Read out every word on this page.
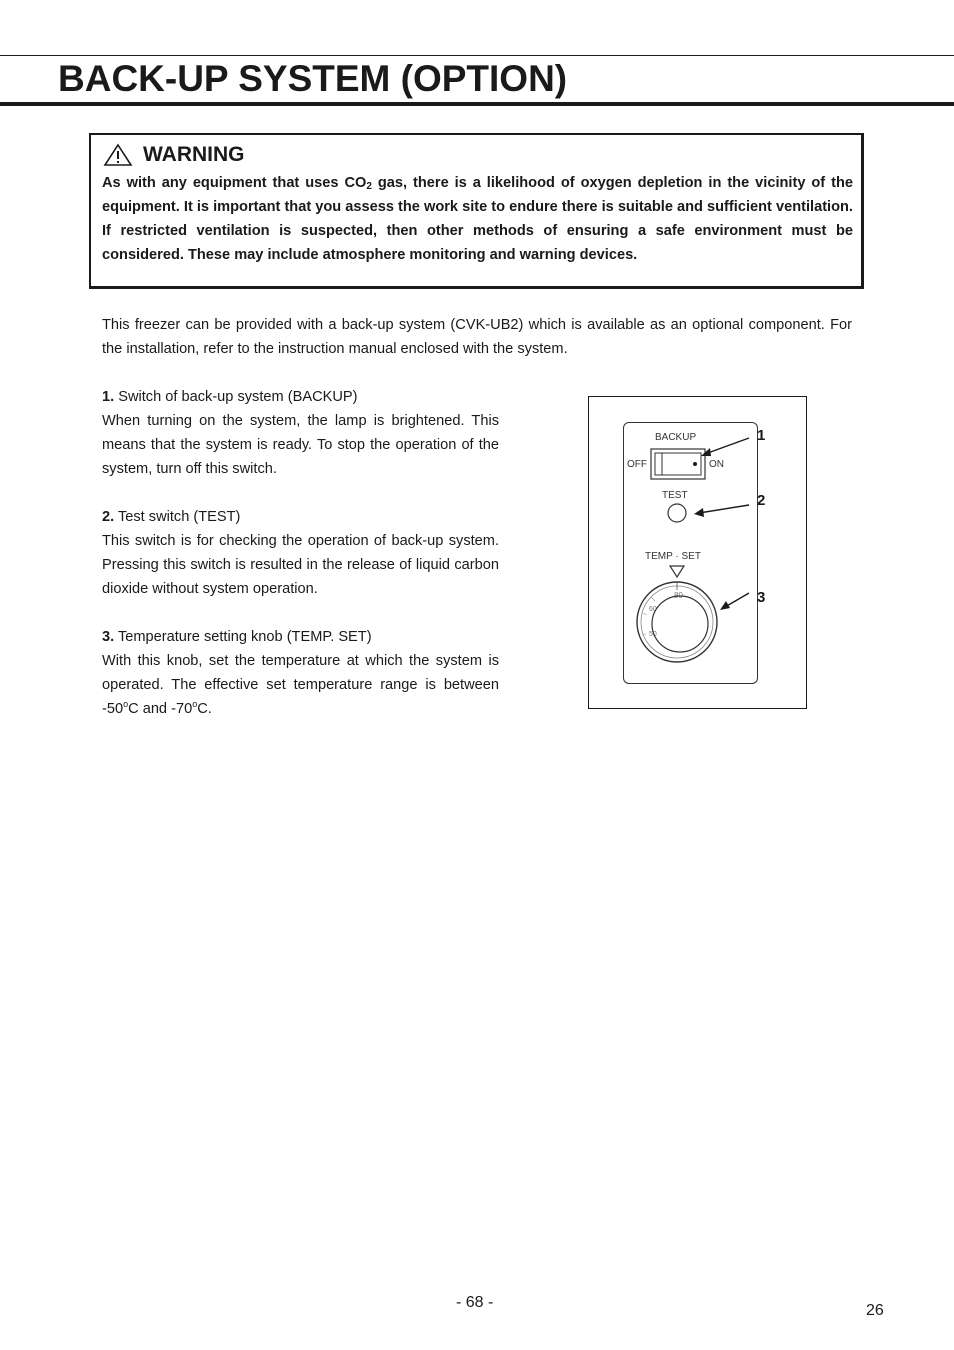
BACK-UP SYSTEM (OPTION)
WARNING
As with any equipment that uses $CO_2$ gas, there is a likelihood of oxygen depletion in the vicinity of the equipment. It is important that you assess the work site to endure there is suitable and sufficient ventilation. If restricted ventilation is suspected, then other methods of ensuring a safe environment must be considered. These may include atmosphere monitoring and warning devices.
This freezer can be provided with a back-up system (CVK-UB2) which is available as an optional component. For the installation, refer to the instruction manual enclosed with the system.
1. Switch of back-up system (BACKUP)
When turning on the system, the lamp is brightened. This means that the system is ready. To stop the operation of the system, turn off this switch.
2. Test switch (TEST)
This switch is for checking the operation of back-up system. Pressing this switch is resulted in the release of liquid carbon dioxide without system operation.
3. Temperature setting knob (TEMP. SET)
With this knob, set the temperature at which the system is operated. The effective set temperature range is between -50$^o$C and -70$^o$C.
BACKUP
OFF	ON
TEST
TEMP · SET
80
60
50
1
2
3
- 68 -	26
